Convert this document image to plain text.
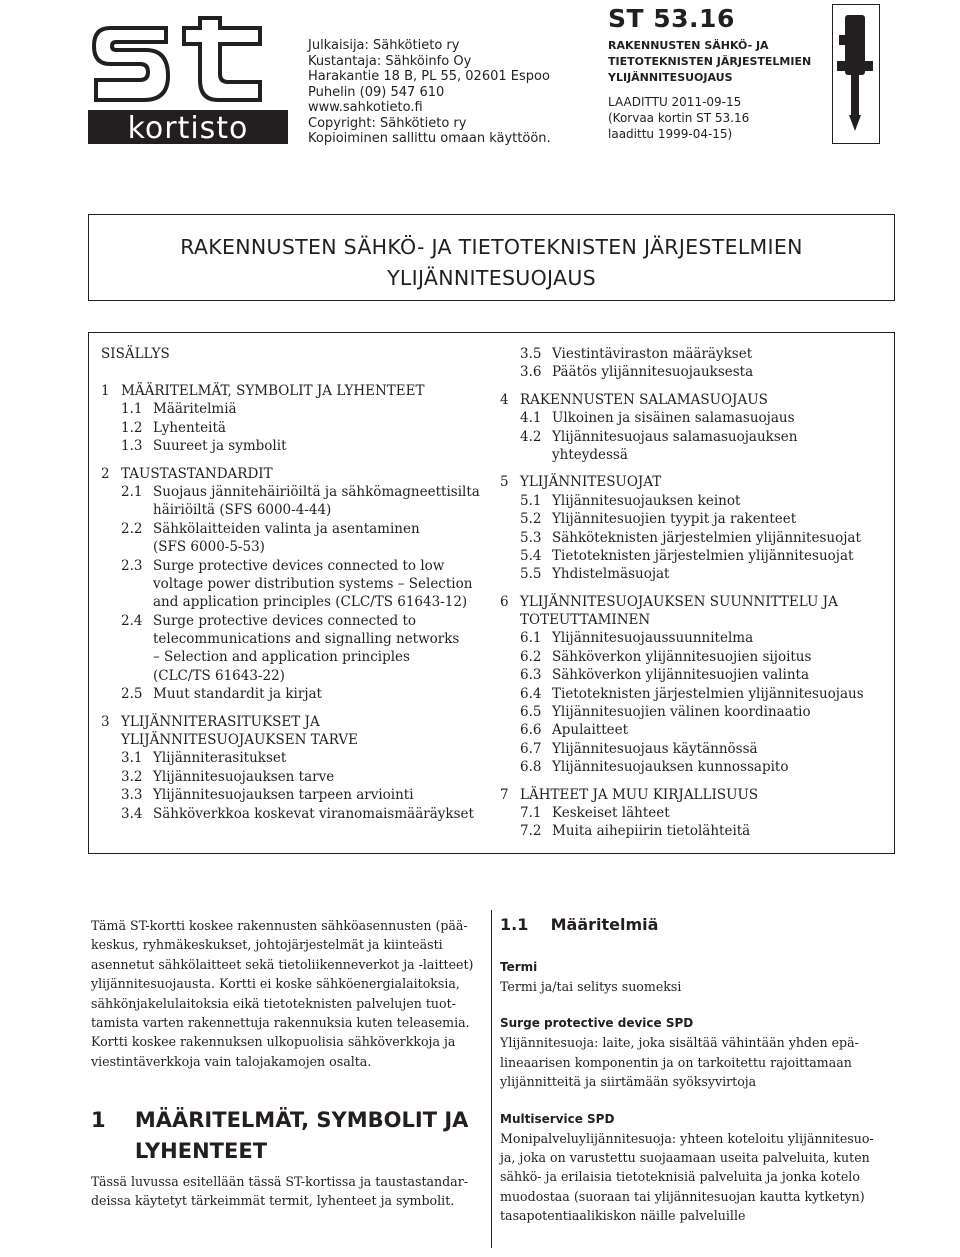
kortisto
Julkaisija: Sähkötieto ry
Kustantaja: Sähköinfo Oy
Harakantie 18 B, PL 55, 02601 Espoo
Puhelin (09) 547 610
www.sahkotieto.fi
Copyright: Sähkötieto ry
Kopioiminen sallittu omaan käyttöön.
ST 53.16
RAKENNUSTEN SÄHKÖ- JA
TIETOTEKNISTEN JÄRJESTELMIEN
YLIJÄNNITESUOJAUS
LAADITTU 2011-09-15
(Korvaa kortin ST 53.16
laadittu 1999-04-15)
RAKENNUSTEN SÄHKÖ- JA TIETOTEKNISTEN JÄRJESTELMIEN
YLIJÄNNITESUOJAUS
SISÄLLYS
1 MÄÄRITELMÄT, SYMBOLIT JA LYHENTEET
1.1 Määritelmiä
1.2 Lyhenteitä
1.3 Suureet ja symbolit
2 TAUSTASTANDARDIT
2.1 Suojaus jännitehäiriöiltä ja sähkömagneettisilta
häiriöiltä (SFS 6000-4-44)
2.2 Sähkölaitteiden valinta ja asentaminen
(SFS 6000-5-53)
2.3 Surge protective devices connected to low
voltage power distribution systems – Selection
and application principles (CLC/TS 61643-12)
2.4 Surge protective devices connected to
telecommunications and signalling networks
– Selection and application principles
(CLC/TS 61643-22)
2.5 Muut standardit ja kirjat
3 YLIJÄNNITERASITUKSET JA
YLIJÄNNITESUOJAUKSEN TARVE
3.1 Ylijänniterasitukset
3.2 Ylijännitesuojauksen tarve
3.3 Ylijännitesuojauksen tarpeen arviointi
3.4 Sähköverkkoa koskevat viranomaismääräykset
3.5 Viestintäviraston määräykset
3.6 Päätös ylijännitesuojauksesta
4 RAKENNUSTEN SALAMASUOJAUS
4.1 Ulkoinen ja sisäinen salamasuojaus
4.2 Ylijännitesuojaus salamasuojauksen
yhteydessä
5 YLIJÄNNITESUOJAT
5.1 Ylijännitesuojauksen keinot
5.2 Ylijännitesuojien tyypit ja rakenteet
5.3 Sähköteknisten järjestelmien ylijännitesuojat
5.4 Tietoteknisten järjestelmien ylijännitesuojat
5.5 Yhdistelmäsuojat
6 YLIJÄNNITESUOJAUKSEN SUUNNITTELU JA
TOTEUTTAMINEN
6.1 Ylijännitesuojaussuunnitelma
6.2 Sähköverkon ylijännitesuojien sijoitus
6.3 Sähköverkon ylijännitesuojien valinta
6.4 Tietoteknisten järjestelmien ylijännitesuojaus
6.5 Ylijännitesuojien välinen koordinaatio
6.6 Apulaitteet
6.7 Ylijännitesuojaus käytännössä
6.8 Ylijännitesuojauksen kunnossapito
7 LÄHTEET JA MUU KIRJALLISUUS
7.1 Keskeiset lähteet
7.2 Muita aihepiirin tietolähteitä
Tämä ST-kortti koskee rakennusten sähköasennusten (pää-
keskus, ryhmäkeskukset, johtojärjestelmät ja kiinteästi
asennetut sähkölaitteet sekä tietoliikenneverkot ja -laitteet)
ylijännitesuojausta. Kortti ei koske sähköenergialaitoksia,
sähkönjakelulaitoksia eikä tietoteknisten palvelujen tuot-
tamista varten rakennettuja rakennuksia kuten teleasemia.
Kortti koskee rakennuksen ulkopuolisia sähköverkkoja ja
viestintäverkkoja vain talojakamojen osalta.
1    MÄÄRITELMÄT, SYMBOLIT JA
LYHENTEET
Tässä luvussa esitellään tässä ST-kortissa ja taustastandar-
deissa käytetyt tärkeimmät termit, lyhenteet ja symbolit.
1.1    Määritelmiä
Termi
Termi ja/tai selitys suomeksi
Surge protective device SPD
Ylijännitesuoja: laite, joka sisältää vähintään yhden epä-
lineaarisen komponentin ja on tarkoitettu rajoittamaan
ylijännitteitä ja siirtämään syöksyvirtoja
Multiservice SPD
Monipalveluylijännitesuoja: yhteen koteloitu ylijännitesuo-
ja, joka on varustettu suojaamaan useita palveluita, kuten
sähkö- ja erilaisia tietoteknisiä palveluita ja jonka kotelo
muodostaa (suoraan tai ylijännitesuojan kautta kytketyn)
tasapotentiaalikiskon näille palveluille
